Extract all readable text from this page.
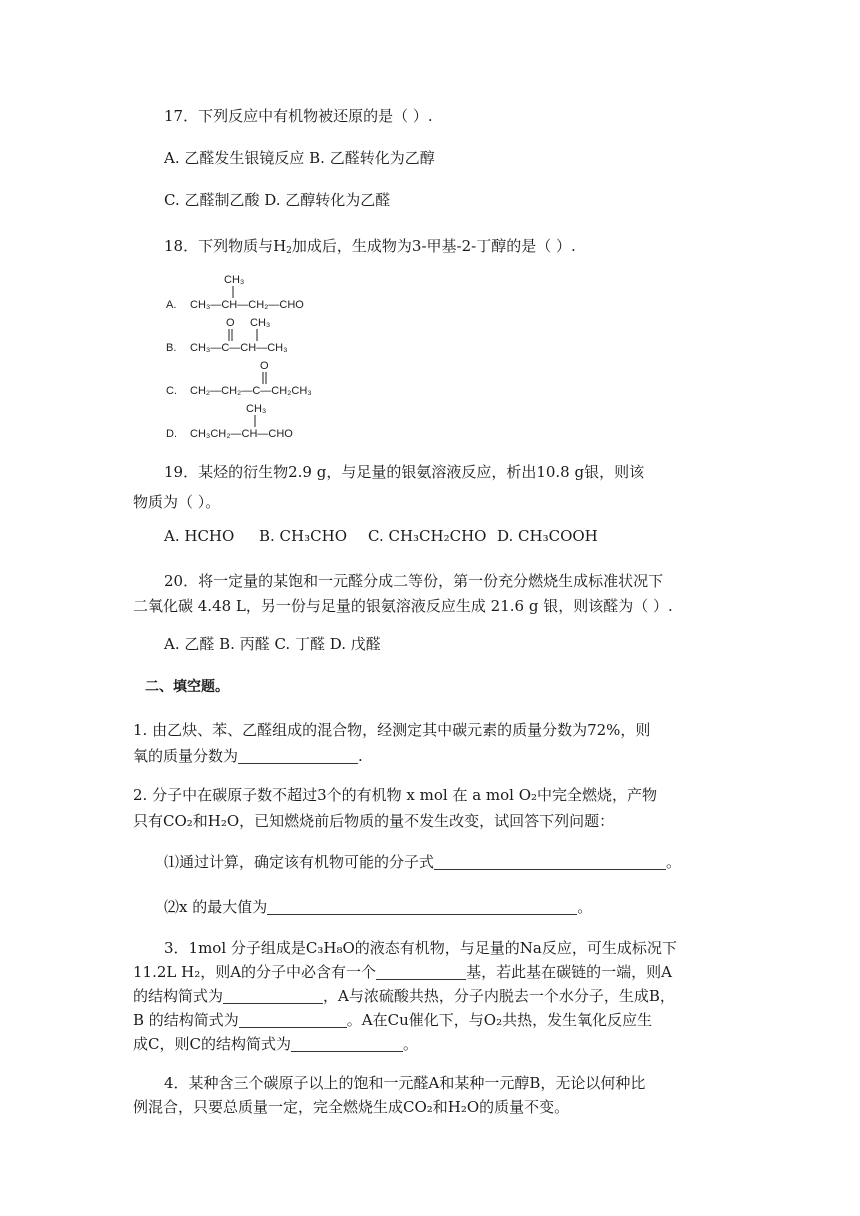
17．下列反应中有机物被还原的是（ ）.
A. 乙醛发生银镜反应 B. 乙醛转化为乙醇
C. 乙醛制乙酸 D. 乙醇转化为乙醛
18．下列物质与$H_2$加成后，生成物为3-甲基-2-丁醇的是（ ）.
A.
CH₃
CH₃—CH—CH₂—CHO
B.
O CH₃
CH₃—C—CH—CH₃
C.
O
CH₂—CH₂—C—CH₂CH₃
D.
CH₃
CH₃CH₂—CH—CHO
19．某烃的衍生物2.9 g，与足量的银氨溶液反应，析出10.8 g银，则该
物质为（ ）。
A. HCHO B. CH₃CHO C. CH₃CH₂CHO D. CH₃COOH
20．将一定量的某饱和一元醛分成二等份，第一份充分燃烧生成标准状况下
二氧化碳 4.48 L，另一份与足量的银氨溶液反应生成 21.6 g 银，则该醛为（ ）.
A. 乙醛 B. 丙醛 C. 丁醛 D. 戊醛
二、填空题。
1. 由乙炔、苯、乙醛组成的混合物，经测定其中碳元素的质量分数为72%，则
氧的质量分数为	.
2. 分子中在碳原子数不超过3个的有机物 x mol 在 a mol O₂中完全燃烧，产物
只有CO₂和H₂O，已知燃烧前后物质的量不发生改变，试回答下列问题：
⑴通过计算，确定该有机物可能的分子式	。
⑵x 的最大值为	。
3．1mol 分子组成是C₃H₈O的液态有机物，与足量的Na反应，可生成标况下
11.2L H₂，则A的分子中必含有一个	基，若此基在碳链的一端，则A
的结构简式为	，A与浓硫酸共热，分子内脱去一个水分子，生成B，
B 的结构简式为	。A在Cu催化下，与O₂共热，发生氧化反应生
成C，则C的结构简式为	。
4．某种含三个碳原子以上的饱和一元醛A和某种一元醇B，无论以何种比
例混合，只要总质量一定，完全燃烧生成CO₂和H₂O的质量不变。
